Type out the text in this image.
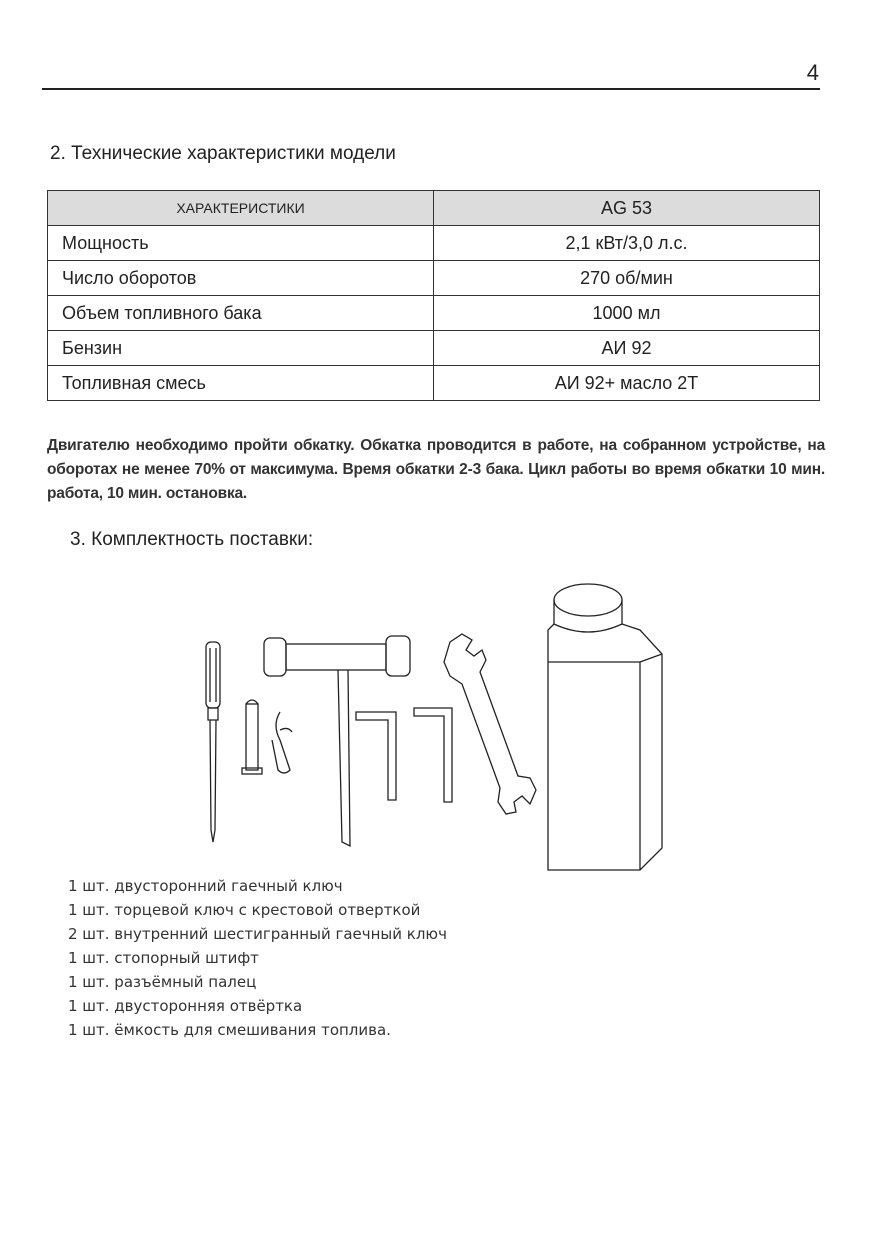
4
2. Технические характеристики модели
ХАРАКТЕРИСТИКИ	AG 53
Мощность	2,1 кВт/3,0 л.с.
Число оборотов	270 об/мин
Объем топливного бака	1000 мл
Бензин	АИ 92
Топливная смесь	АИ 92+ масло 2Т

Двигателю необходимо пройти обкатку. Обкатка проводится в работе, на собранном устройстве, на оборотах не менее 70% от максимума. Время обкатки 2-3 бака. Цикл работы во время обкатки 10 мин. работа, 10 мин. остановка.

3. Комплектность поставки:
1 шт. двусторонний гаечный ключ
1 шт. торцевой ключ с крестовой отверткой
2 шт. внутренний шестигранный гаечный ключ
1 шт. стопорный штифт
1 шт. разъёмный палец
1 шт. двусторонняя отвёртка
1 шт. ёмкость для смешивания топлива.
